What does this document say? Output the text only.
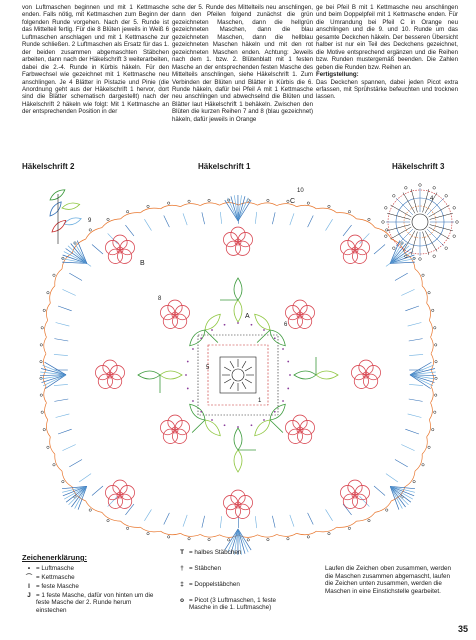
von Luftmaschen beginnen und mit 1 Kettmasche enden. Falls nötig, mit Kettmaschen zum Beginn der folgenden Runde vorgehen. Nach der 5. Runde ist das Mittelteil fertig. Für die 8 Blüten jeweils in Weiß 6 Luftmaschen anschlagen und mit 1 Kettmasche zur Runde schließen. 2 Luftmaschen als Ersatz für das 1. der beiden zusammen abgemaschten Stäbchen arbeiten, dann nach der Häkelschrift 3 weiterarbeiten, dabei die 2.-4. Runde in Kürbis häkeln. Für den Farbwechsel wie gezeichnet mit 1 Kettmasche neu anschlingen. Je 4 Blätter in Pistazie und Pinie (die Anordnung geht aus der Häkelschrift 1 hervor, dort sind die Blätter schematisch dargestellt) nach der Häkelschrift 2 häkeln wie folgt: Mit 1 Kettmasche an der entsprechenden Position in der

sche der 5. Runde des Mittelteils neu anschlingen, dann den Pfeilen folgend zunächst die grün gezeichneten Maschen, dann die hellgrün gezeichneten Maschen, dann die blau gezeichneten Maschen, dann die hellblau gezeichneten Maschen häkeln und mit den rot gezeichneten Maschen enden. Achtung: Jeweils nach dem 1. bzw. 2. Blütenblatt mit 1 festen Masche an der entsprechenden festen Masche des Mittelteils anschlingen, siehe Häkelschrift 1. Zum Verbinden der Blüten und Blätter in Kürbis die 6. Runde häkeln, dafür bei Pfeil A mit 1 Kettmasche neu anschlingen und abwechselnd die Blüten und Blätter laut Häkelschrift 1 behäkeln. Zwischen den Blüten die kurzen Reihen 7 and 8 (blau gezeichnet) häkeln, dafür jeweils in Orange

ge bei Pfeil B mit 1 Kettmasche neu anschlingen und beim Doppelpfeil mit 1 Kettmasche enden. Für die Umrandung bei Pfeil C in Orange neu anschlingen und die 9. und 10. Runde um das gesamte Deckchen häkeln. Der besseren Übersicht halber ist nur ein Teil des Deckchens gezeichnet, die Motive entsprechend ergänzen und die Reihen bzw. Runden mustergemäß beenden. Die Zahlen geben die Runden bzw. Reihen an.

Fertigstellung:

Das Deckchen spannen, dabei jeden Picot extra erfassen, mit Sprühstärke befeuchten und trocknen lassen.

Häkelschrift 1
Häkelschrift 2	Häkelschrift 3
A
B
C
10
9
8
6
5
4
1
Zeichenerklärung:
• = Luftmasche
⌒ = Kettmasche
I = feste Masche
J = 1 feste Masche, dafür von hinten um die feste Masche der 2. Runde herum einstechen
T = halbes Stäbchen
† = Stäbchen
‡ = Doppelstäbchen
o = Picot (3 Luftmaschen, 1 feste Masche in die 1. Luftmasche)
Laufen die Zeichen oben zusammen, werden die Maschen zusammen abgemascht, laufen die Zeichen unten zusammen, werden die Maschen in eine Einstichstelle gearbeitet.
35
